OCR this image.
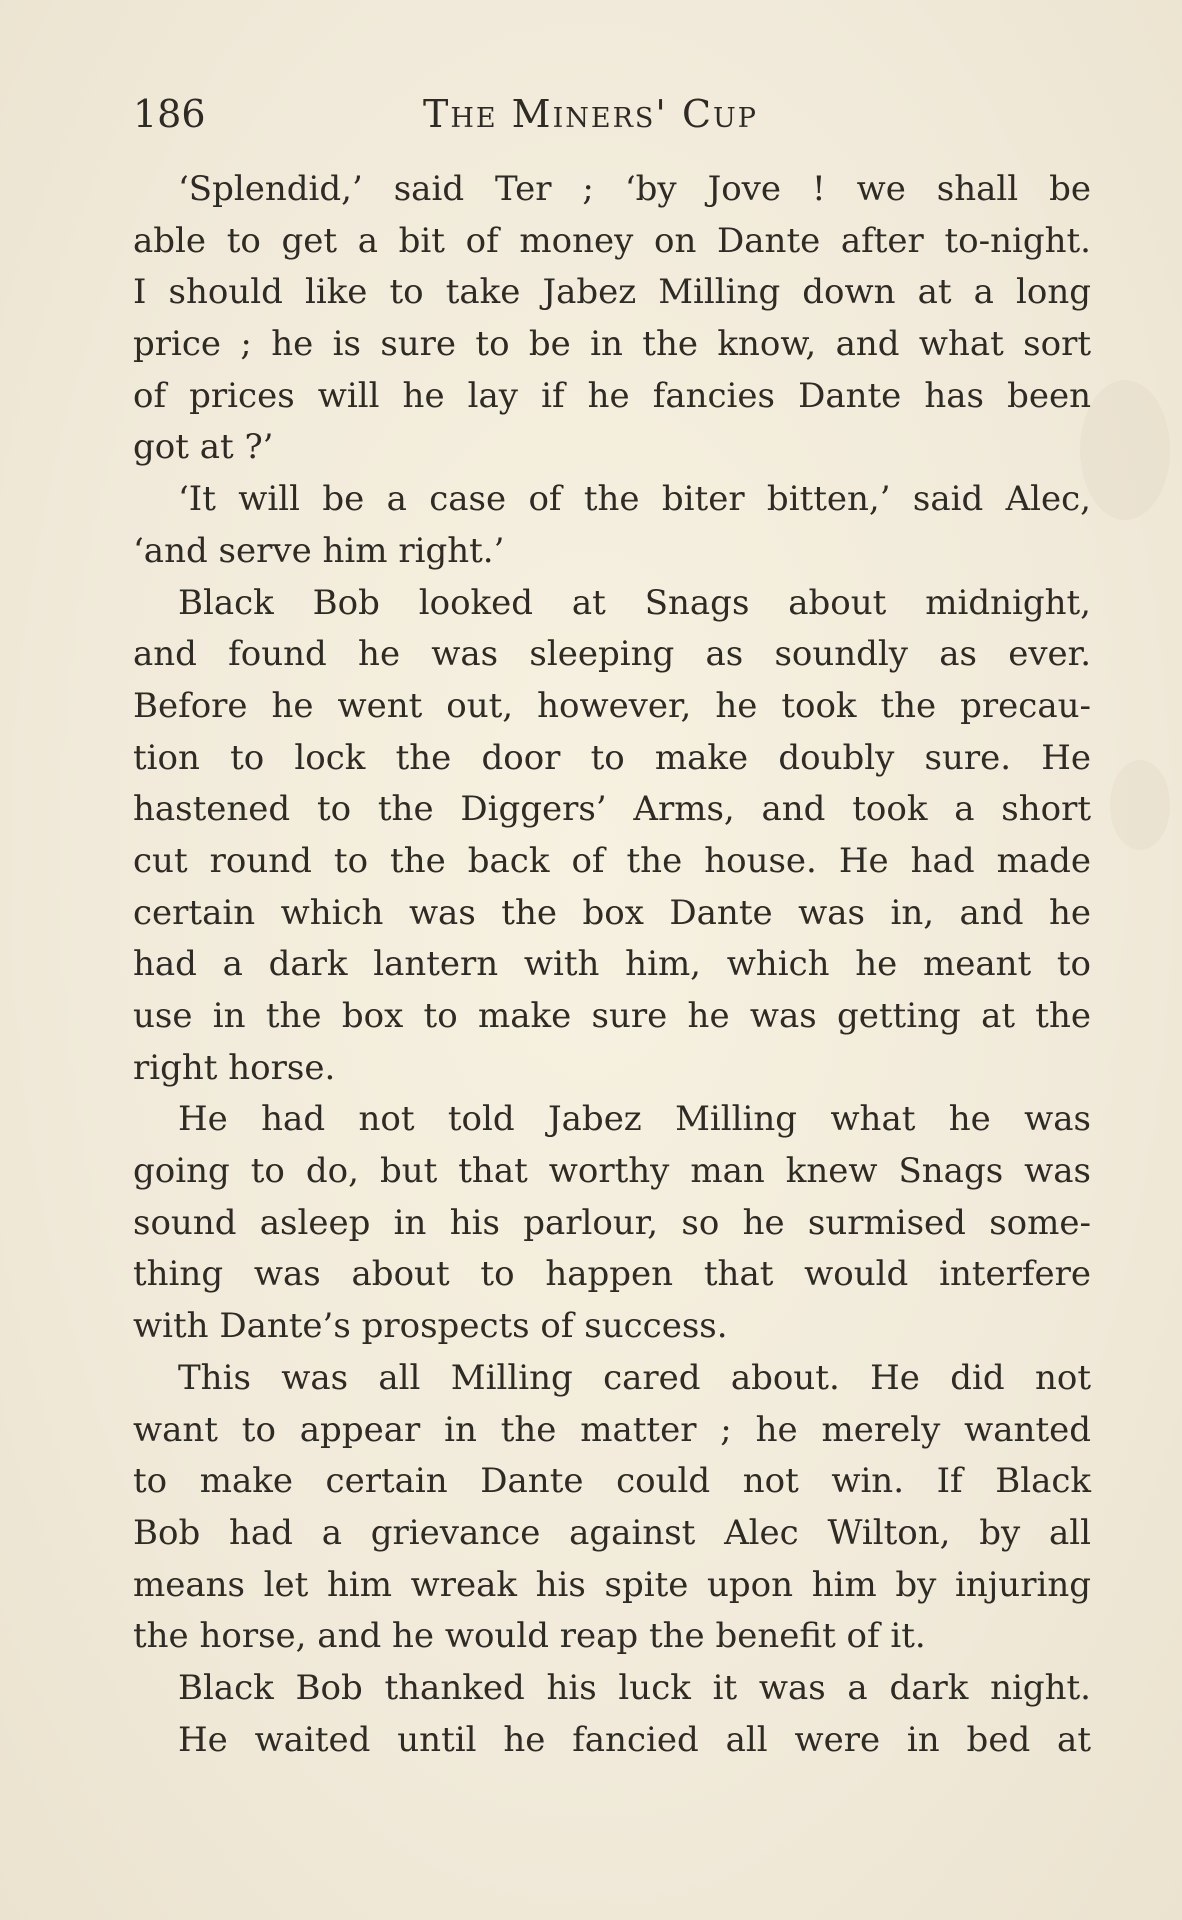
186	The Miners' Cup
‘Splendid,’ said Ter ; ‘by Jove ! we shall be
able to get a bit of money on Dante after to-night.
I should like to take Jabez Milling down at a long
price ; he is sure to be in the know, and what sort
of prices will he lay if he fancies Dante has been
got at ?’
‘It will be a case of the biter bitten,’ said Alec,
‘and serve him right.’
Black Bob looked at Snags about midnight,
and found he was sleeping as soundly as ever.
Before he went out, however, he took the precau-
tion to lock the door to make doubly sure. He
hastened to the Diggers’ Arms, and took a short
cut round to the back of the house. He had made
certain which was the box Dante was in, and he
had a dark lantern with him, which he meant to
use in the box to make sure he was getting at the
right horse.
He had not told Jabez Milling what he was
going to do, but that worthy man knew Snags was
sound asleep in his parlour, so he surmised some-
thing was about to happen that would interfere
with Dante’s prospects of success.
This was all Milling cared about. He did not
want to appear in the matter ; he merely wanted
to make certain Dante could not win. If Black
Bob had a grievance against Alec Wilton, by all
means let him wreak his spite upon him by injuring
the horse, and he would reap the benefit of it.
Black Bob thanked his luck it was a dark night.
He waited until he fancied all were in bed at
